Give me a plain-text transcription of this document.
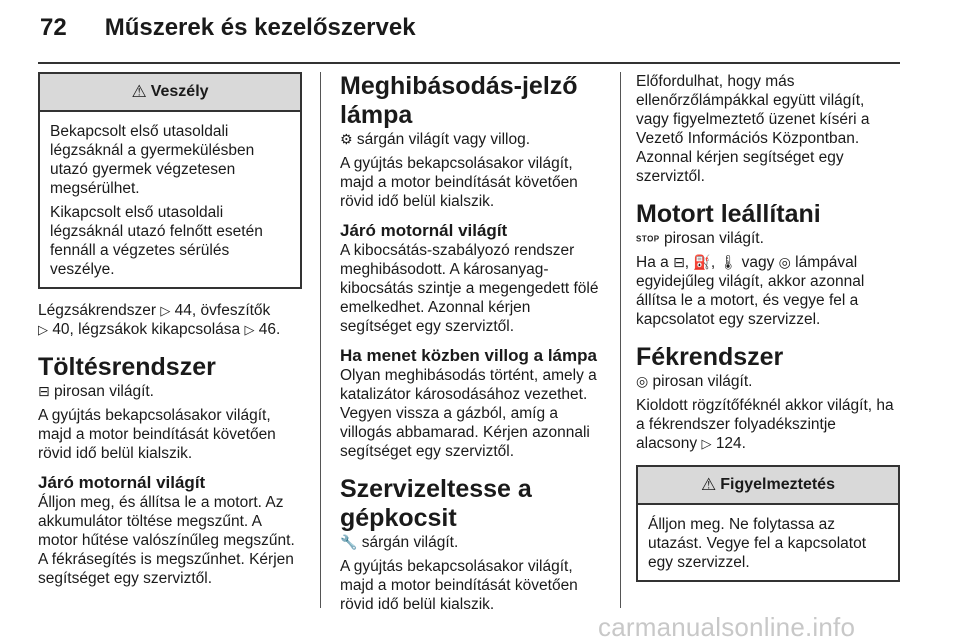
72 Műszerek és kezelőszervek
⚠ Veszély

Bekapcsolt első utasoldali

légzsáknál a gyermekülésben

utazó gyermek végzetesen

megsérülhet.

Kikapcsolt első utasoldali

légzsáknál utazó felnőtt esetén

fennáll a végzetes sérülés

veszélye.

Légzsákrendszer ▷ 44, övfeszítők

▷ 40, légzsákok kikapcsolása ▷ 46.

Töltésrendszer

⊟ pirosan világít.

A gyújtás bekapcsolásakor világít,

majd a motor beindítását követően

rövid idő belül kialszik.

Járó motornál világít

Álljon meg, és állítsa le a motort. Az

akkumulátor töltése megszűnt. A

motor hűtése valószínűleg megszűnt.

A fékrásegítés is megszűnhet. Kérjen

segítséget egy szerviztől.

Meghibásodás-jelző
lámpa

⚙ sárgán világít vagy villog.

A gyújtás bekapcsolásakor világít,

majd a motor beindítását követően

rövid idő belül kialszik.

Járó motornál világít

A kibocsátás-szabályozó rendszer

meghibásodott. A károsanyag-

kibocsátás szintje a megengedett fölé

emelkedhet. Azonnal kérjen

segítséget egy szerviztől.

Ha menet közben villog a lámpa

Olyan meghibásodás történt, amely a

katalizátor károsodásához vezethet.

Vegyen vissza a gázból, amíg a

villogás abbamarad. Kérjen azonnali

segítséget egy szerviztől.

Szervizeltesse a gépkocsit

🔧 sárgán világít.

A gyújtás bekapcsolásakor világít,

majd a motor beindítását követően

rövid idő belül kialszik.

Előfordulhat, hogy más

ellenőrzőlámpákkal együtt világít,

vagy figyelmeztető üzenet kíséri a

Vezető Információs Központban.

Azonnal kérjen segítséget egy

szerviztől.

Motort leállítani

STOP pirosan világít.

Ha a ⊟, ⛽, 🌡 vagy ◎ lámpával

egyidejűleg világít, akkor azonnal

állítsa le a motort, és vegye fel a

kapcsolatot egy szervizzel.

Fékrendszer

◎ pirosan világít.

Kioldott rögzítőféknél akkor világít, ha

a fékrendszer folyadékszintje

alacsony ▷ 124.

⚠ Figyelmeztetés

Álljon meg. Ne folytassa az

utazást. Vegye fel a kapcsolatot

egy szervizzel.

carmanualsonline.info
